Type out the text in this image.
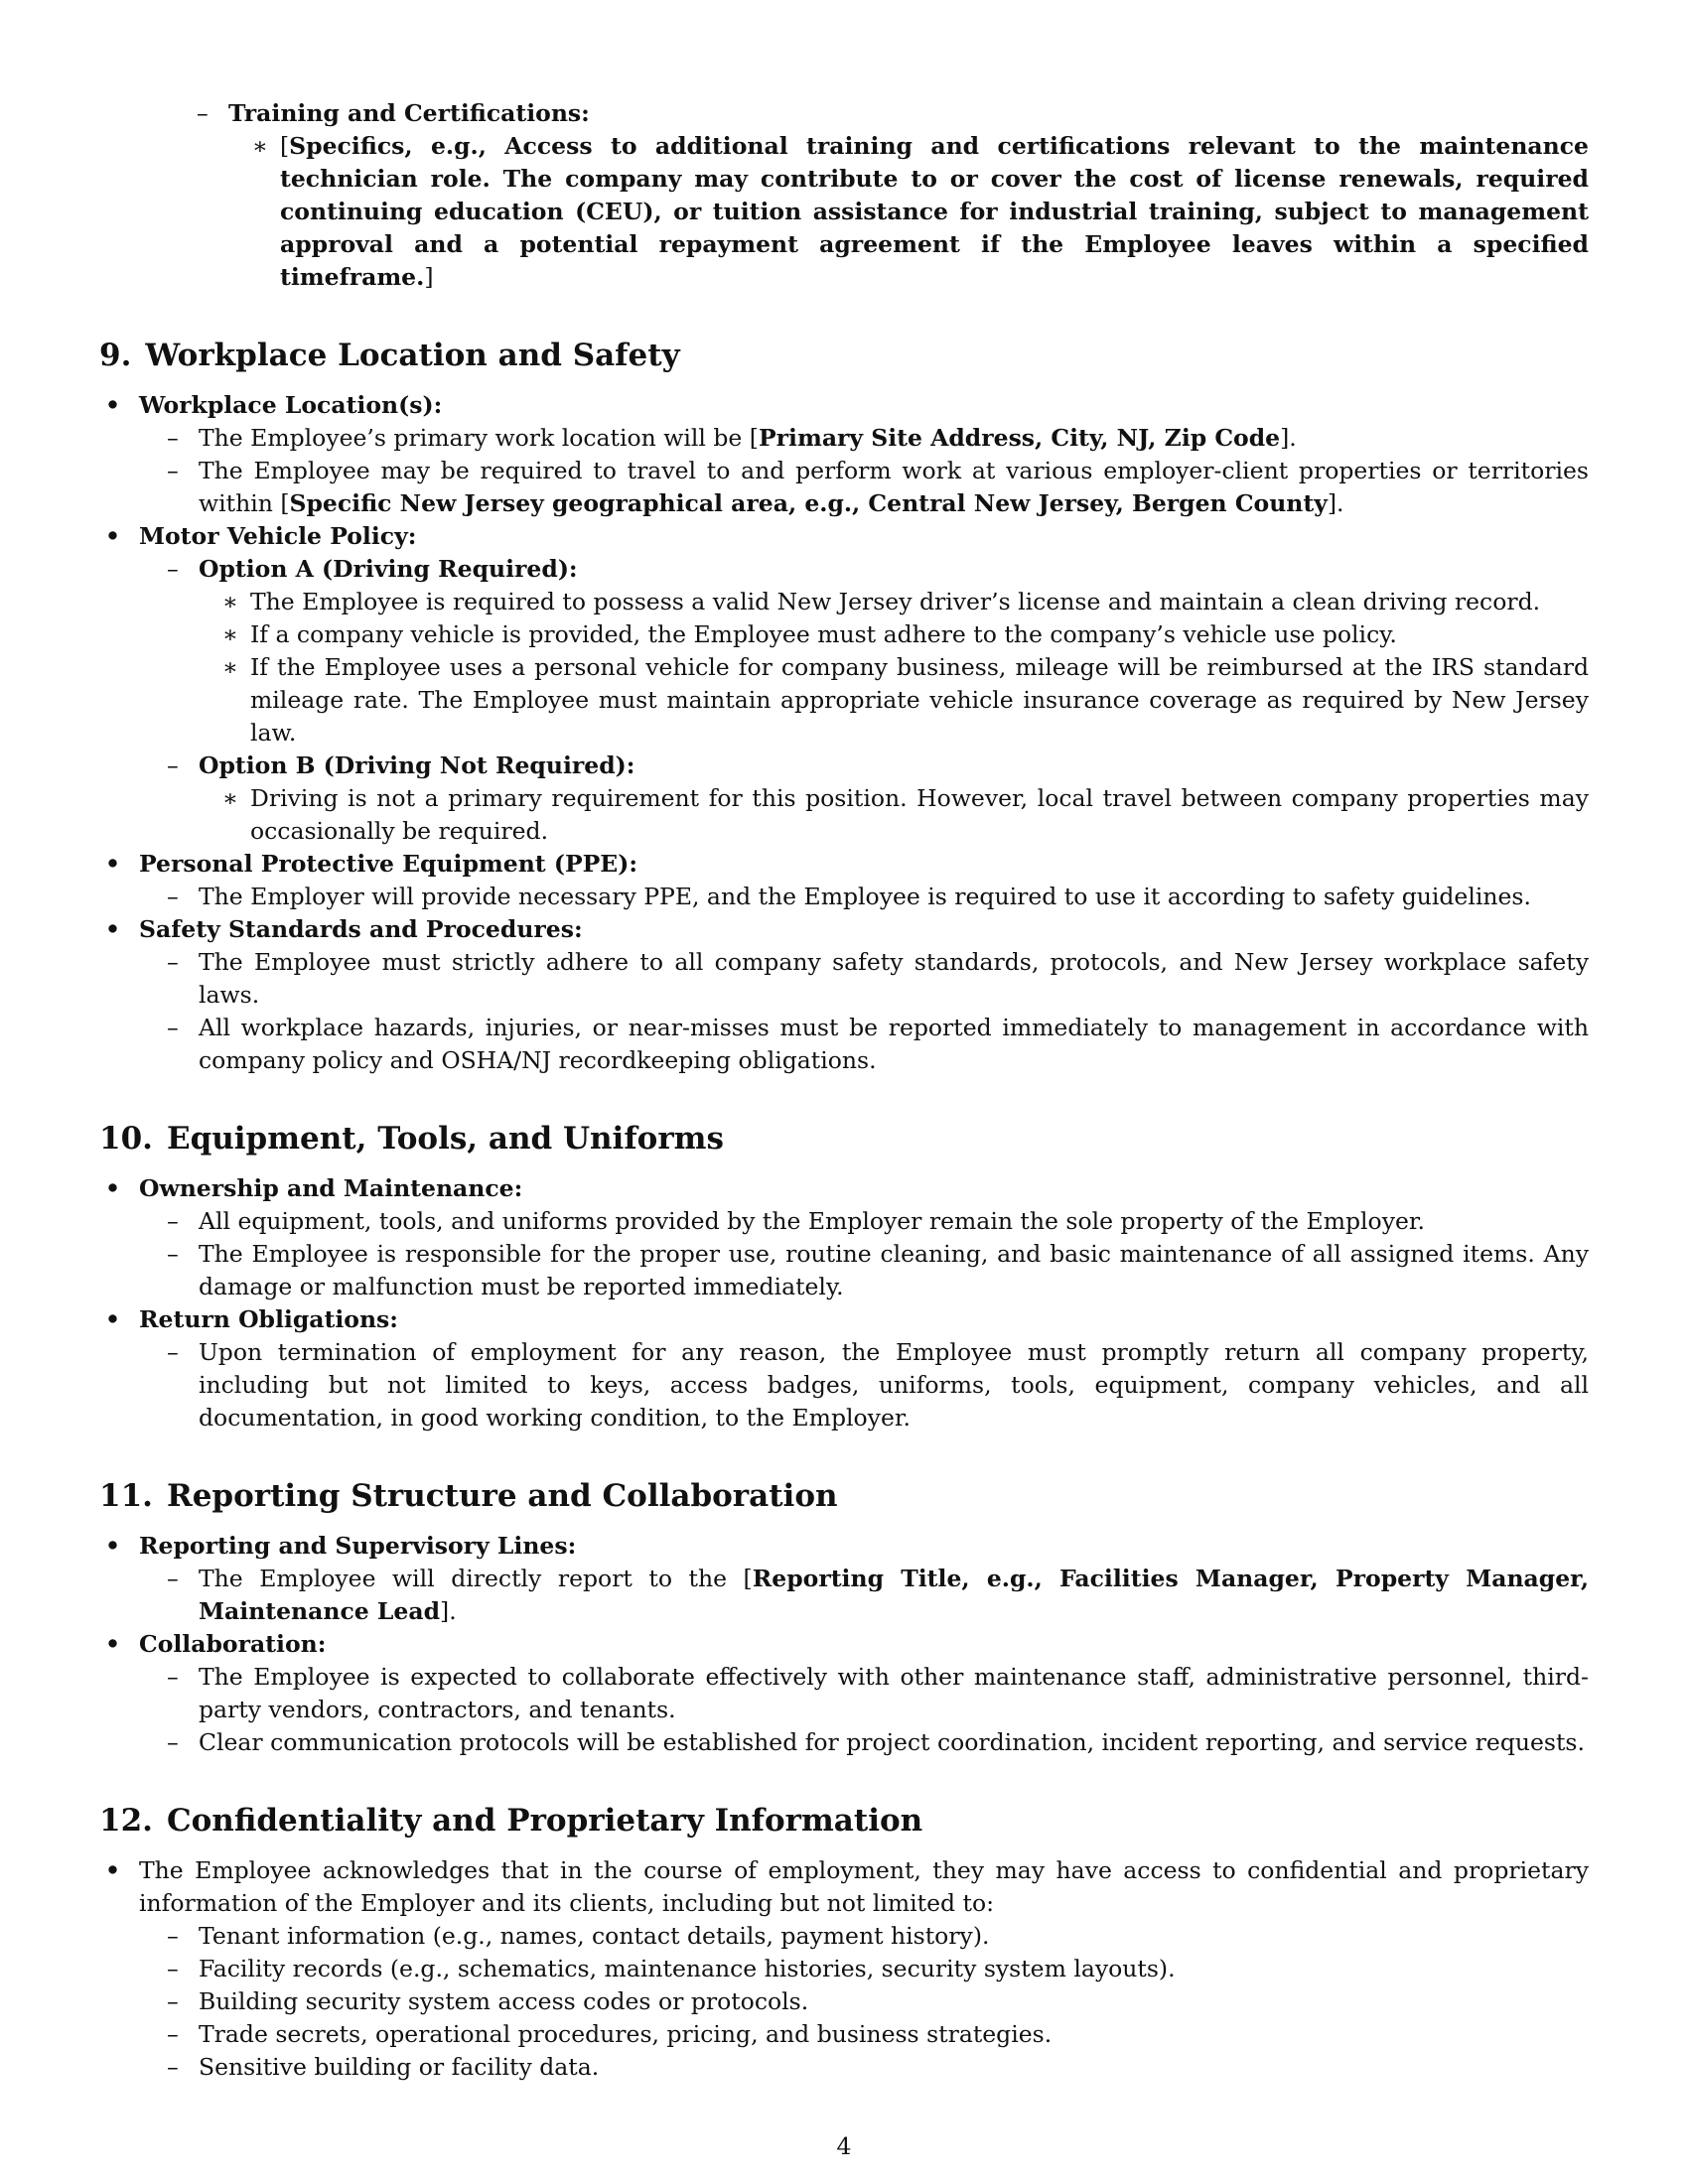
– Training and Certifications:
∗ [Specifics, e.g., Access to additional training and certifications relevant to the maintenance technician role. The company may contribute to or cover the cost of license renewals, required continuing education (CEU), or tuition assistance for industrial training, subject to management approval and a potential repayment agreement if the Employee leaves within a specified timeframe.]
9. Workplace Location and Safety
• Workplace Location(s):
– The Employee’s primary work location will be [Primary Site Address, City, NJ, Zip Code].
– The Employee may be required to travel to and perform work at various employer-client properties or territories within [Specific New Jersey geographical area, e.g., Central New Jersey, Bergen County].
• Motor Vehicle Policy:
– Option A (Driving Required):
∗ The Employee is required to possess a valid New Jersey driver’s license and maintain a clean driving record.
∗ If a company vehicle is provided, the Employee must adhere to the company’s vehicle use policy.
∗ If the Employee uses a personal vehicle for company business, mileage will be reimbursed at the IRS standard mileage rate. The Employee must maintain appropriate vehicle insurance coverage as required by New Jersey law.
– Option B (Driving Not Required):
∗ Driving is not a primary requirement for this position. However, local travel between company properties may occasionally be required.
• Personal Protective Equipment (PPE):
– The Employer will provide necessary PPE, and the Employee is required to use it according to safety guidelines.
• Safety Standards and Procedures:
– The Employee must strictly adhere to all company safety standards, protocols, and New Jersey workplace safety laws.
– All workplace hazards, injuries, or near-misses must be reported immediately to management in accordance with company policy and OSHA/NJ recordkeeping obligations.
10. Equipment, Tools, and Uniforms
• Ownership and Maintenance:
– All equipment, tools, and uniforms provided by the Employer remain the sole property of the Employer.
– The Employee is responsible for the proper use, routine cleaning, and basic maintenance of all assigned items. Any damage or malfunction must be reported immediately.
• Return Obligations:
– Upon termination of employment for any reason, the Employee must promptly return all company property, including but not limited to keys, access badges, uniforms, tools, equipment, company vehicles, and all documentation, in good working condition, to the Employer.
11. Reporting Structure and Collaboration
• Reporting and Supervisory Lines:
– The Employee will directly report to the [Reporting Title, e.g., Facilities Manager, Property Manager, Maintenance Lead].
• Collaboration:
– The Employee is expected to collaborate effectively with other maintenance staff, administrative personnel, third-party vendors, contractors, and tenants.
– Clear communication protocols will be established for project coordination, incident reporting, and service requests.
12. Confidentiality and Proprietary Information
• The Employee acknowledges that in the course of employment, they may have access to confidential and proprietary information of the Employer and its clients, including but not limited to:
– Tenant information (e.g., names, contact details, payment history).
– Facility records (e.g., schematics, maintenance histories, security system layouts).
– Building security system access codes or protocols.
– Trade secrets, operational procedures, pricing, and business strategies.
– Sensitive building or facility data.
4
